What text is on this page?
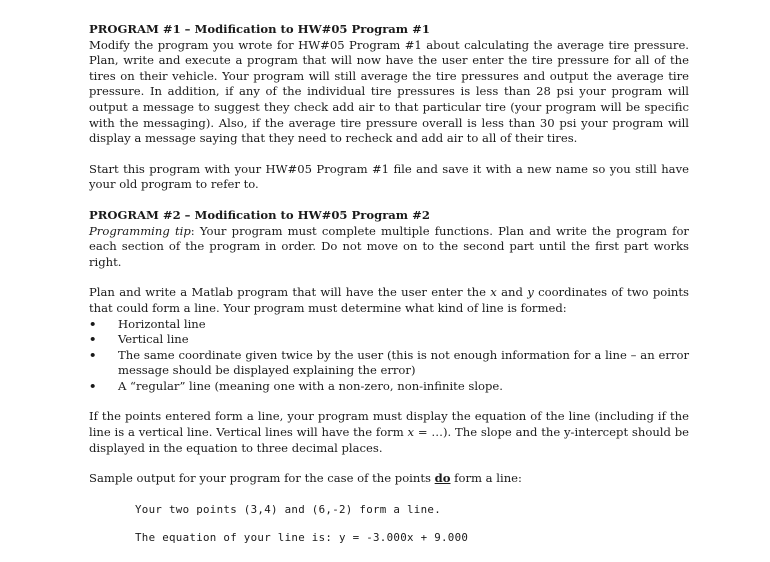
PROGRAM #1 – Modification to HW#05 Program #1

Modify the program you wrote for HW#05 Program #1 about calculating the average tire pressure. Plan, write and execute a program that will now have the user enter the tire pressure for all of the tires on their vehicle. Your program will still average the tire pressures and output the average tire pressure. In addition, if any of the individual tire pressures is less than 28 psi your program will output a message to suggest they check add air to that particular tire (your program will be specific with the messaging). Also, if the average tire pressure overall is less than 30 psi your program will display a message saying that they need to recheck and add air to all of their tires.

Start this program with your HW#05 Program #1 file and save it with a new name so you still have your old program to refer to.

PROGRAM #2 – Modification to HW#05 Program #2

Programming tip: Your program must complete multiple functions. Plan and write the program for each section of the program in order. Do not move on to the second part until the first part works right.

Plan and write a Matlab program that will have the user enter the x and y coordinates of two points that could form a line. Your program must determine what kind of line is formed:

• Horizontal line
• Vertical line
• The same coordinate given twice by the user (this is not enough information for a line – an error message should be displayed explaining the error)
• A “regular” line (meaning one with a non-zero, non-infinite slope.

If the points entered form a line, your program must display the equation of the line (including if the line is a vertical line. Vertical lines will have the form x = …). The slope and the y-intercept should be displayed in the equation to three decimal places.

Sample output for your program for the case of the points do form a line:

Your two points (3,4) and (6,-2) form a line.
The equation of your line is: y = -3.000x + 9.000
